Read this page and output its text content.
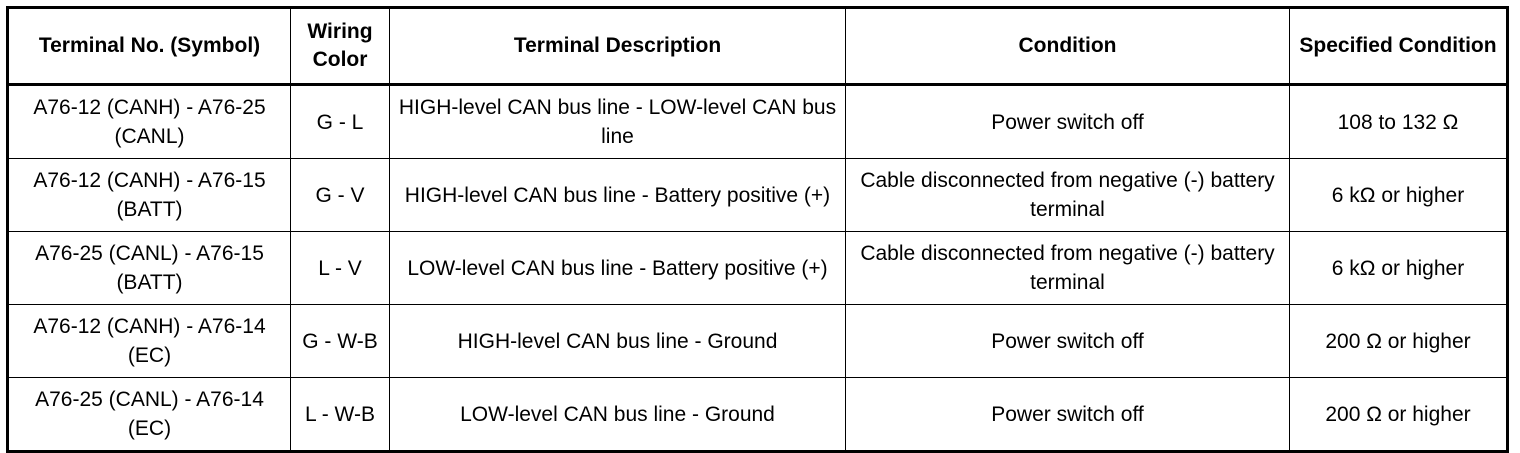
Terminal No. (Symbol)	Wiring Color	Terminal Description	Condition	Specified Condition
A76-12 (CANH) - A76-25 (CANL)	G - L	HIGH-level CAN bus line - LOW-level CAN bus line	Power switch off	108 to 132 Ω
A76-12 (CANH) - A76-15 (BATT)	G - V	HIGH-level CAN bus line - Battery positive (+)	Cable disconnected from negative (-) battery terminal	6 kΩ or higher
A76-25 (CANL) - A76-15 (BATT)	L - V	LOW-level CAN bus line - Battery positive (+)	Cable disconnected from negative (-) battery terminal	6 kΩ or higher
A76-12 (CANH) - A76-14 (EC)	G - W-B	HIGH-level CAN bus line - Ground	Power switch off	200 Ω or higher
A76-25 (CANL) - A76-14 (EC)	L - W-B	LOW-level CAN bus line - Ground	Power switch off	200 Ω or higher
